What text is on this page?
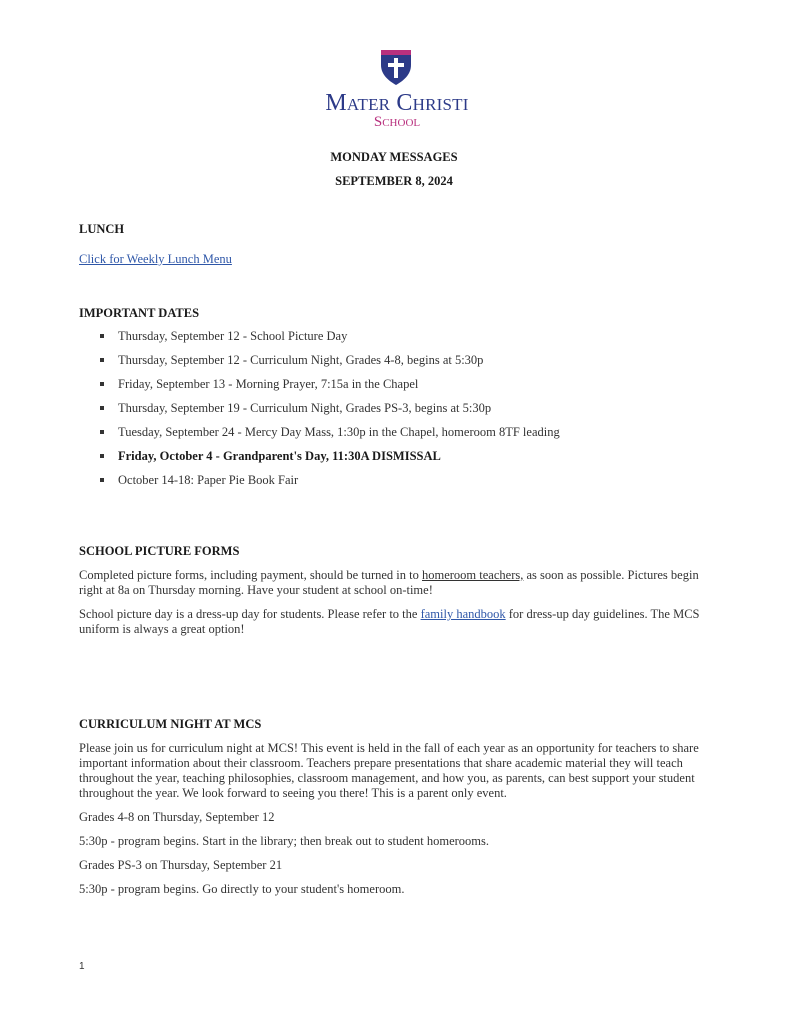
Mater Christi
School
MONDAY MESSAGES
SEPTEMBER 8, 2024
LUNCH
Click for Weekly Lunch Menu
IMPORTANT DATES
Thursday, September 12 - School Picture Day
Thursday, September 12 - Curriculum Night, Grades 4-8, begins at 5:30p
Friday, September 13 - Morning Prayer, 7:15a in the Chapel
Thursday, September 19 - Curriculum Night, Grades PS-3, begins at 5:30p
Tuesday, September 24 - Mercy Day Mass, 1:30p in the Chapel, homeroom 8TF leading
Friday, October 4 - Grandparent's Day, 11:30A DISMISSAL
October 14-18: Paper Pie Book Fair
SCHOOL PICTURE FORMS
Completed picture forms, including payment, should be turned in to homeroom teachers, as soon as possible. Pictures begin right at 8a on Thursday morning. Have your student at school on-time!
School picture day is a dress-up day for students. Please refer to the family handbook for dress-up day guidelines. The MCS uniform is always a great option!
CURRICULUM NIGHT AT MCS
Please join us for curriculum night at MCS! This event is held in the fall of each year as an opportunity for teachers to share important information about their classroom. Teachers prepare presentations that share academic material they will teach throughout the year, teaching philosophies, classroom management, and how you, as parents, can best support your student throughout the year. We look forward to seeing you there! This is a parent only event.
Grades 4-8 on Thursday, September 12
5:30p - program begins. Start in the library; then break out to student homerooms.
Grades PS-3 on Thursday, September 21
5:30p - program begins. Go directly to your student's homeroom.
1
